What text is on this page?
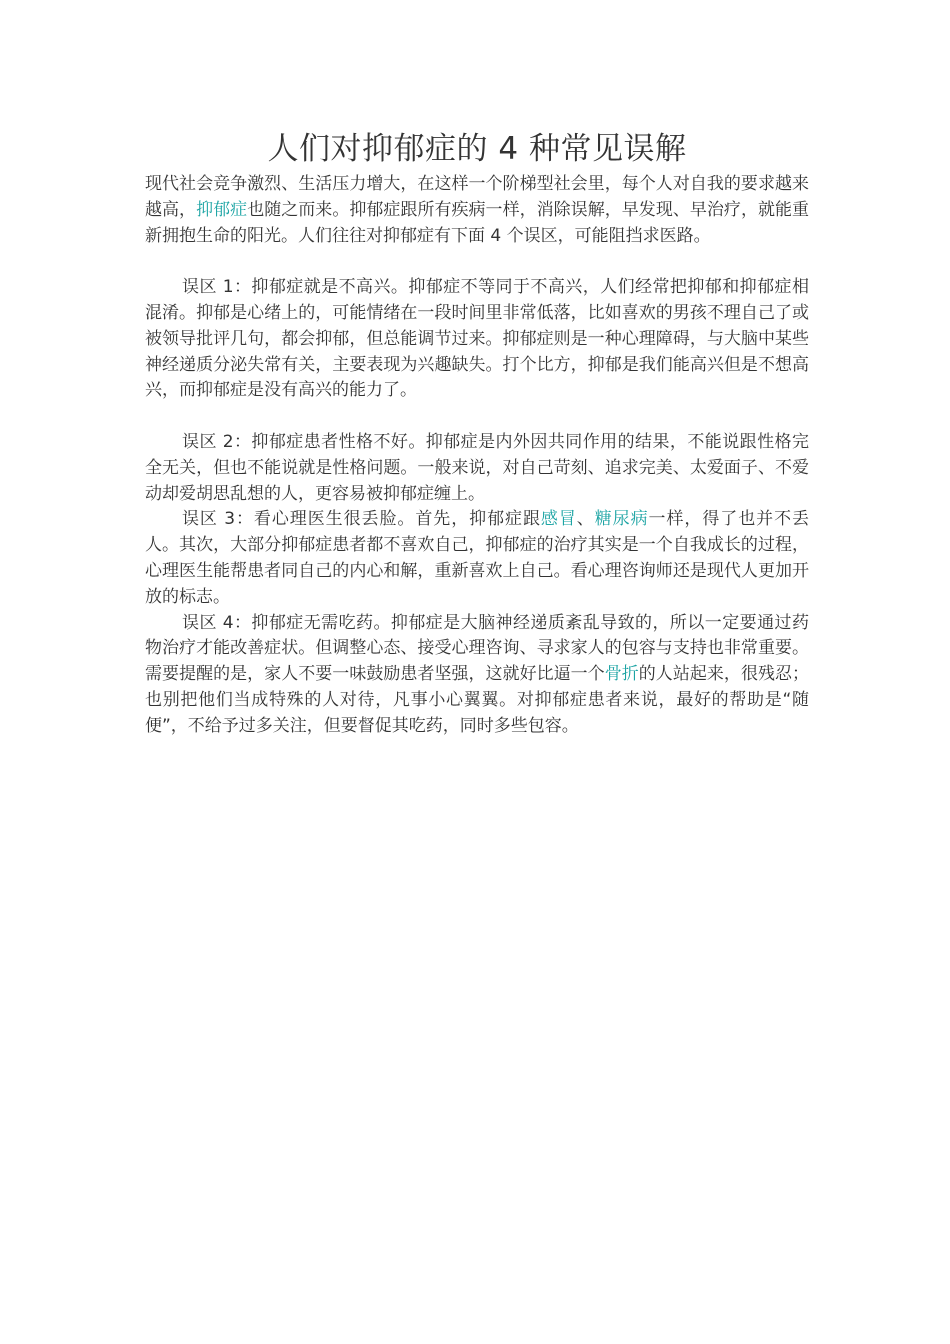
人们对抑郁症的 4 种常见误解

现代社会竞争激烈、生活压力增大，在这样一个阶梯型社会里，每个人对自我的要求越来越高，抑郁症也随之而来。抑郁症跟所有疾病一样，消除误解，早发现、早治疗，就能重新拥抱生命的阳光。人们往往对抑郁症有下面 4 个误区，可能阻挡求医路。

误区 1：抑郁症就是不高兴。抑郁症不等同于不高兴，人们经常把抑郁和抑郁症相混淆。抑郁是心绪上的，可能情绪在一段时间里非常低落，比如喜欢的男孩不理自己了或被领导批评几句，都会抑郁，但总能调节过来。抑郁症则是一种心理障碍，与大脑中某些神经递质分泌失常有关，主要表现为兴趣缺失。打个比方，抑郁是我们能高兴但是不想高兴，而抑郁症是没有高兴的能力了。

误区 2：抑郁症患者性格不好。抑郁症是内外因共同作用的结果，不能说跟性格完全无关，但也不能说就是性格问题。一般来说，对自己苛刻、追求完美、太爱面子、不爱动却爱胡思乱想的人，更容易被抑郁症缠上。

误区 3：看心理医生很丢脸。首先，抑郁症跟感冒、糖尿病一样，得了也并不丢人。其次，大部分抑郁症患者都不喜欢自己，抑郁症的治疗其实是一个自我成长的过程，心理医生能帮患者同自己的内心和解，重新喜欢上自己。看心理咨询师还是现代人更加开放的标志。

误区 4：抑郁症无需吃药。抑郁症是大脑神经递质紊乱导致的，所以一定要通过药物治疗才能改善症状。但调整心态、接受心理咨询、寻求家人的包容与支持也非常重要。需要提醒的是，家人不要一味鼓励患者坚强，这就好比逼一个骨折的人站起来，很残忍；也别把他们当成特殊的人对待，凡事小心翼翼。对抑郁症患者来说，最好的帮助是“随便”，不给予过多关注，但要督促其吃药，同时多些包容。
